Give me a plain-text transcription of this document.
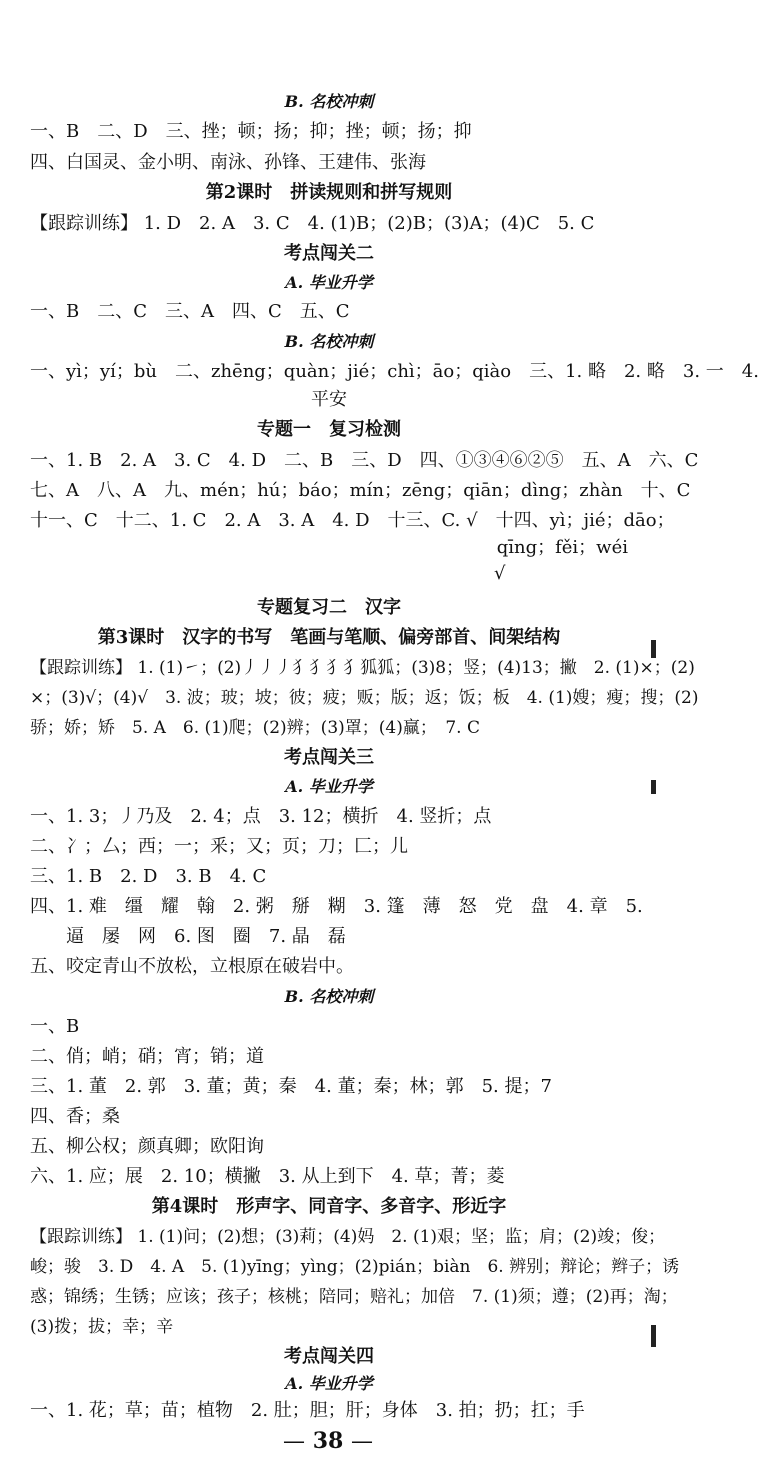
B. 名校冲刺
一、B　二、D　三、挫；顿；扬；抑；挫；顿；扬；抑
四、白国灵、金小明、南泳、孙锋、王建伟、张海
第2课时　拼读规则和拼写规则
【跟踪训练】 1. D　2. A　3. C　4. (1)B；(2)B；(3)A；(4)C　5. C
考点闯关二
A. 毕业升学
一、B　二、C　三、A　四、C　五、C
B. 名校冲刺
一、yì；yí；bù　二、zhēng；quàn；jié；chì；āo；qiào　三、1. 略　2. 略　3. 一　4.
平安
专题一　复习检测
一、1. B　2. A　3. C　4. D　二、B　三、D　四、①③④⑥②⑤　五、A　六、C
七、A　八、A　九、mén；hú；báo；mín；zēng；qiān；dìng；zhàn　十、C
十一、C　十二、1. C　2. A　3. A　4. D　十三、C. √　十四、yì；jié；dāo；
qīng；fěi；wéi
√
专题复习二　汉字
第3课时　汉字的书写　笔画与笔顺、偏旁部首、间架结构
【跟踪训练】 1. (1)㇀；(2)丿丿丿犭犭犭犭狐狐；(3)8；竖；(4)13；撇　2. (1)×；(2)
×；(3)√；(4)√　3. 波；玻；坡；彼；疲；贩；版；返；饭；板　4. (1)嫂；瘦；搜；(2)
骄；娇；矫　5. A　6. (1)爬；(2)辨；(3)罩；(4)赢；　7. C
考点闯关三
A. 毕业升学
一、1. 3；丿乃及　2. 4；点　3. 12；横折　4. 竖折；点
二、冫；厶；西；一；釆；又；页；刀；匚；儿
三、1. B　2. D　3. B　4. C
四、1. 难　缰　耀　翰　2. 粥　掰　糊　3. 篷　薄　怒　党　盘　4. 章　5.
逼　屡　网　6. 图　圈　7. 晶　磊
五、咬定青山不放松，立根原在破岩中。
B. 名校冲刺
一、B
二、俏；峭；硝；宵；销；道
三、1. 董　2. 郭　3. 董；黄；秦　4. 董；秦；林；郭　5. 提；7
四、香；桑
五、柳公权；颜真卿；欧阳询
六、1. 应；展　2. 10；横撇　3. 从上到下　4. 草；菁；菱
第4课时　形声字、同音字、多音字、形近字
【跟踪训练】 1. (1)问；(2)想；(3)莉；(4)妈　2. (1)艰；坚；监；肩；(2)竣；俊；
峻；骏　3. D　4. A　5. (1)yīng；yìng；(2)pián；biàn　6. 辨别；辩论；辫子；诱
惑；锦绣；生锈；应该；孩子；核桃；陪同；赔礼；加倍　7. (1)须；遵；(2)再；淘；
(3)拨；拔；幸；辛
考点闯关四
A. 毕业升学
一、1. 花；草；苗；植物　2. 肚；胆；肝；身体　3. 拍；扔；扛；手
— 38 —
